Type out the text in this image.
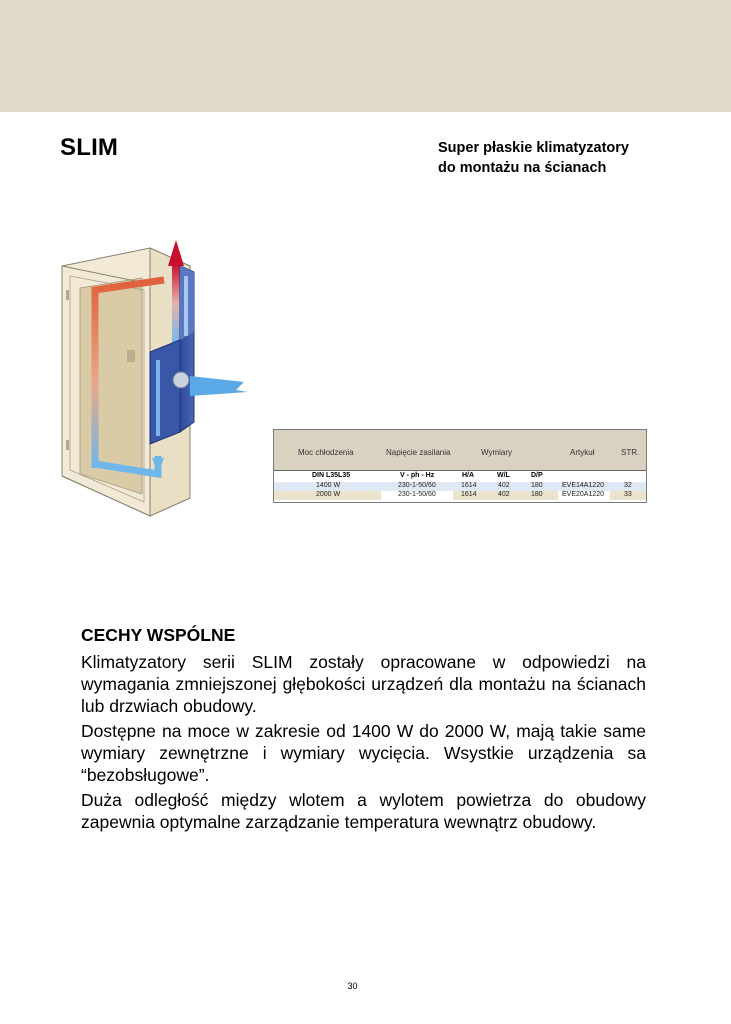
SLIM	Super płaskie klimatyzatory
do montażu na ścianach
Moc chłodzenia	Napięcie zasilania	Wymiary	Artykuł	STR.
DIN L35L35	V - ph - Hz	H/A	W/L	D/P
1400 W	230-1-50/60	1614	402	180	EVE14A1220	32
2000 W	230-1-50/60	1614	402	180	EVE20A1220	33
CECHY WSPÓLNE
Klimatyzatory serii SLIM zostały opracowane w odpowiedzi na wymagania zmniejszonej głębokości urządzeń dla montażu na ścianach lub drzwiach obudowy.
Dostępne na moce w zakresie od 1400 W do 2000 W, mają takie same wymiary zewnętrzne i wymiary wycięcia. Wsystkie urządzenia sa “bezobsługowe”.
Duża odległość między wlotem a wylotem powietrza do obudowy zapewnia optymalne zarządzanie temperatura wewnątrz obudowy.
30
